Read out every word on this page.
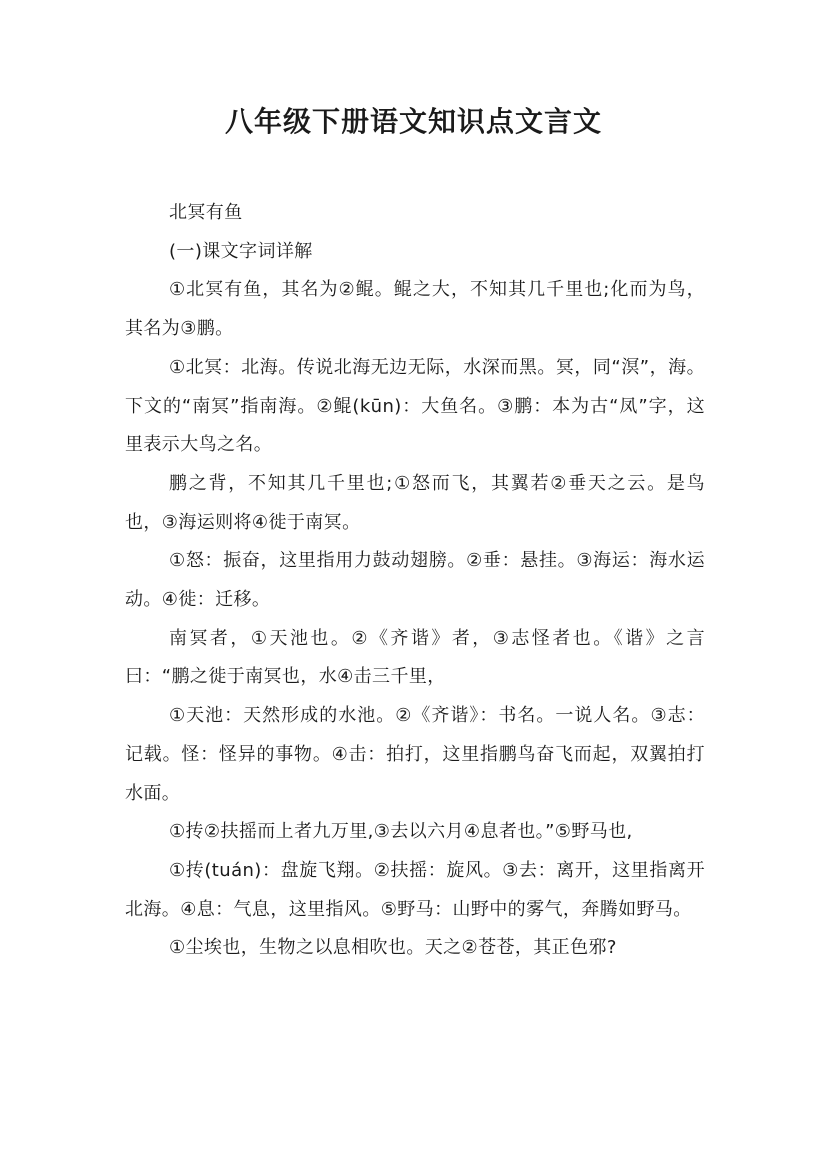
八年级下册语文知识点文言文

北冥有鱼

(一)课文字词详解

①北冥有鱼，其名为②鲲。鲲之大，不知其几千里也;化而为鸟，其名为③鹏。

①北冥：北海。传说北海无边无际，水深而黑。冥，同“溟”，海。下文的“南冥”指南海。②鲲(kūn)：大鱼名。③鹏：本为古“凤”字，这里表示大鸟之名。

鹏之背，不知其几千里也;①怒而飞，其翼若②垂天之云。是鸟也，③海运则将④徙于南冥。

①怒：振奋，这里指用力鼓动翅膀。②垂：悬挂。③海运：海水运动。④徙：迁移。

南冥者，①天池也。②《齐谐》者，③志怪者也。《谐》之言曰：“鹏之徙于南冥也，水④击三千里，

①天池：天然形成的水池。②《齐谐》：书名。一说人名。③志：记载。怪：怪异的事物。④击：拍打，这里指鹏鸟奋飞而起，双翼拍打水面。

①抟②扶摇而上者九万里,③去以六月④息者也。”⑤野马也,

①抟(tuán)：盘旋飞翔。②扶摇：旋风。③去：离开，这里指离开北海。④息：气息，这里指风。⑤野马：山野中的雾气，奔腾如野马。

①尘埃也，生物之以息相吹也。天之②苍苍，其正色邪?
